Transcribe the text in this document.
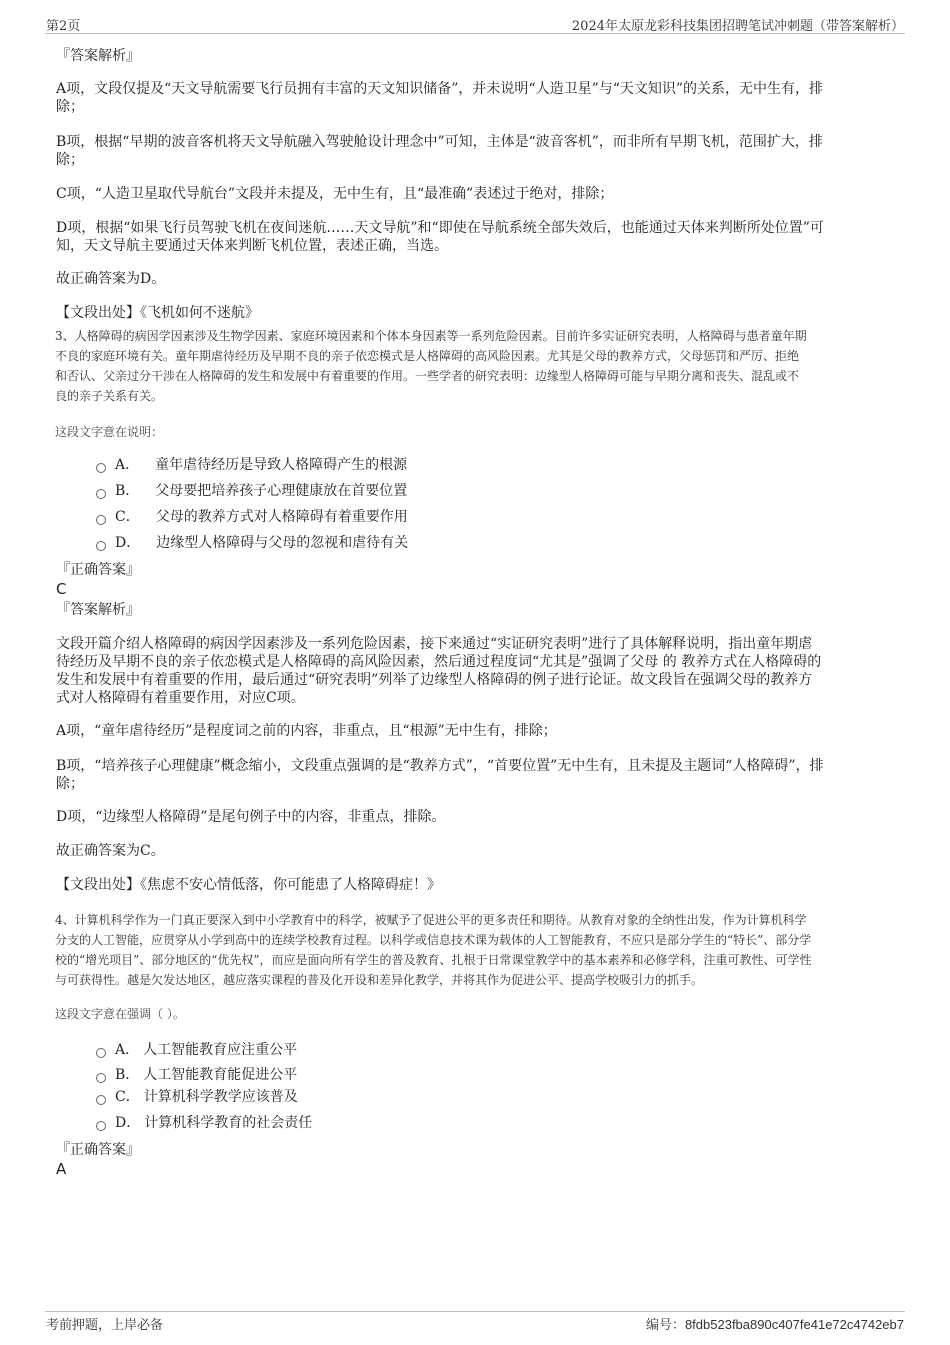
第2页	2024年太原龙彩科技集团招聘笔试冲刺题（带答案解析）
『答案解析』
A项，文段仅提及“天文导航需要飞行员拥有丰富的天文知识储备”，并未说明“人造卫星”与“天文知识”的关系，无中生有，排
除；
B项，根据“早期的波音客机将天文导航融入驾驶舱设计理念中”可知，主体是“波音客机”，而非所有早期飞机，范围扩大，排
除；
C项，“人造卫星取代导航台”文段并未提及，无中生有，且“最准确”表述过于绝对，排除；
D项，根据“如果飞行员驾驶飞机在夜间迷航……天文导航”和“即使在导航系统全部失效后，也能通过天体来判断所处位置”可
知，天文导航主要通过天体来判断飞机位置，表述正确，当选。
故正确答案为D。
【文段出处】《飞机如何不迷航》
3、人格障碍的病因学因素涉及生物学因素、家庭环境因素和个体本身因素等一系列危险因素。目前许多实证研究表明，人格障碍与患者童年期
不良的家庭环境有关。童年期虐待经历及早期不良的亲子依恋模式是人格障碍的高风险因素。尤其是父母的教养方式，父母惩罚和严厉、拒绝
和否认、父亲过分干涉在人格障碍的发生和发展中有着重要的作用。一些学者的研究表明：边缘型人格障碍可能与早期分离和丧失、混乱或不
良的亲子关系有关。
这段文字意在说明：
A． 童年虐待经历是导致人格障碍产生的根源
B． 父母要把培养孩子心理健康放在首要位置
C． 父母的教养方式对人格障碍有着重要作用
D． 边缘型人格障碍与父母的忽视和虐待有关
『正确答案』
C
『答案解析』
文段开篇介绍人格障碍的病因学因素涉及一系列危险因素，接下来通过“实证研究表明”进行了具体解释说明，指出童年期虐
待经历及早期不良的亲子依恋模式是人格障碍的高风险因素，然后通过程度词“尤其是”强调了父母 的 教养方式在人格障碍的
发生和发展中有着重要的作用，最后通过“研究表明”列举了边缘型人格障碍的例子进行论证。故文段旨在强调父母的教养方
式对人格障碍有着重要作用，对应C项。
A项，“童年虐待经历”是程度词之前的内容，非重点，且“根源”无中生有，排除；
B项，“培养孩子心理健康”概念缩小，文段重点强调的是“教养方式”，“首要位置”无中生有，且未提及主题词“人格障碍”，排
除；
D项，“边缘型人格障碍”是尾句例子中的内容，非重点，排除。
故正确答案为C。
【文段出处】《焦虑不安心情低落，你可能患了人格障碍症！》
4、计算机科学作为一门真正要深入到中小学教育中的科学，被赋予了促进公平的更多责任和期待。从教育对象的全纳性出发，作为计算机科学
分支的人工智能，应贯穿从小学到高中的连续学校教育过程。以科学或信息技术课为载体的人工智能教育，不应只是部分学生的“特长”、部分学
校的“增光项目”、部分地区的“优先权”，而应是面向所有学生的普及教育、扎根于日常课堂教学中的基本素养和必修学科，注重可教性、可学性
与可获得性。越是欠发达地区，越应落实课程的普及化开设和差异化教学，并将其作为促进公平、提高学校吸引力的抓手。
这段文字意在强调（ ）。
A． 人工智能教育应注重公平
B． 人工智能教育能促进公平
C． 计算机科学教学应该普及
D． 计算机科学教育的社会责任
『正确答案』
A
考前押题，上岸必备	编号：8fdb523fba890c407fe41e72c4742eb7
